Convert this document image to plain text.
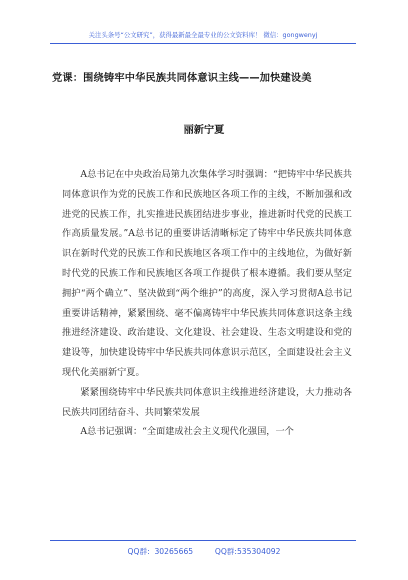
关注头条号“公文研究”，获得最新最全最专业的公文资料库！ 微信：gongwenyj
党课：围绕铸牢中华民族共同体意识主线——加快建设美
丽新宁夏

A总书记在中央政治局第九次集体学习时强调：“把铸牢中华民族共同体意识作为党的民族工作和民族地区各项工作的主线，不断加强和改进党的民族工作，扎实推进民族团结进步事业，推进新时代党的民族工作高质量发展。”A总书记的重要讲话清晰标定了铸牢中华民族共同体意识在新时代党的民族工作和民族地区各项工作中的主线地位，为做好新时代党的民族工作和民族地区各项工作提供了根本遵循。我们要从坚定拥护“两个确立”、坚决做到“两个维护”的高度，深入学习贯彻A总书记重要讲话精神，紧紧围绕、毫不偏离铸牢中华民族共同体意识这条主线推进经济建设、政治建设、文化建设、社会建设、生态文明建设和党的建设等，加快建设铸牢中华民族共同体意识示范区，全面建设社会主义现代化美丽新宁夏。

紧紧围绕铸牢中华民族共同体意识主线推进经济建设，大力推动各民族共同团结奋斗、共同繁荣发展

A总书记强调：“全面建成社会主义现代化强国，一个

QQ群:  30265665         QQ群:535304092
